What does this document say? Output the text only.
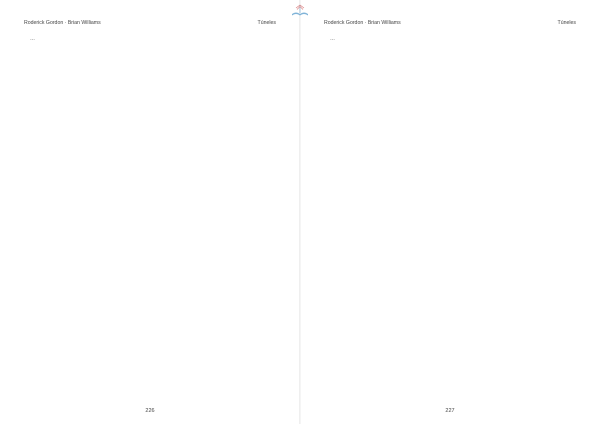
Roderick Gordon · Brian Williams	Túneles

…

226
Roderick Gordon · Brian Williams	Túneles

…

227
